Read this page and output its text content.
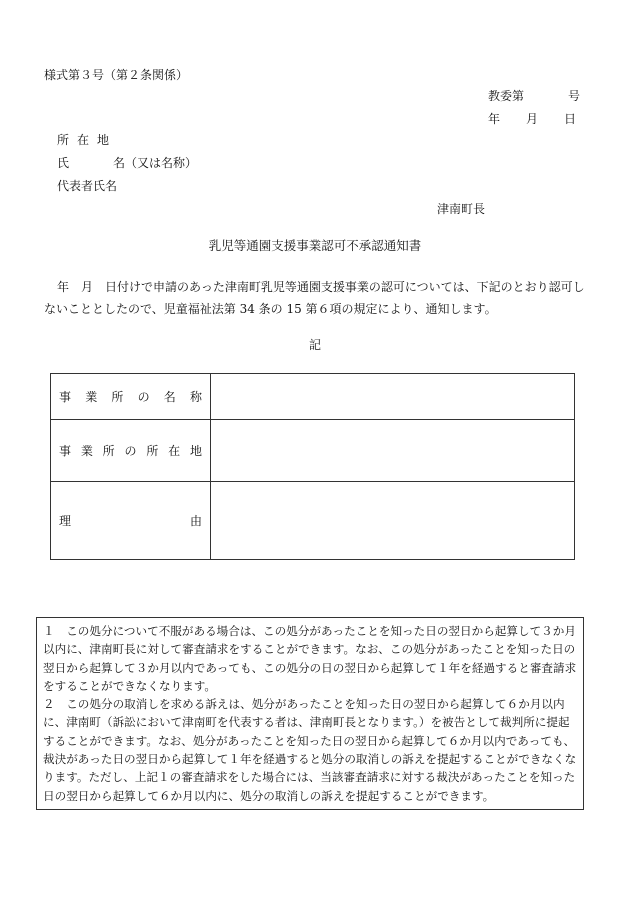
様式第３号（第２条関係）
教委第	号
年 月 日
所在地
氏	名（又は名称）
代表者氏名
津南町長
乳児等通園支援事業認可不承認通知書
年　月　日付けで申請のあった津南町乳児等通園支援事業の認可については、下記のとおり認可しないこととしたので、児童福祉法第 34 条の 15 第６項の規定により、通知します。
記
事業所の名称	
事業所の所在地	
理由	

１　この処分について不服がある場合は、この処分があったことを知った日の翌日から起算して３か月以内に、津南町長に対して審査請求をすることができます。なお、この処分があったことを知った日の翌日から起算して３か月以内であっても、この処分の日の翌日から起算して１年を経過すると審査請求をすることができなくなります。

２　この処分の取消しを求める訴えは、処分があったことを知った日の翌日から起算して６か月以内に、津南町（訴訟において津南町を代表する者は、津南町長となります。）を被告として裁判所に提起することができます。なお、処分があったことを知った日の翌日から起算して６か月以内であっても、裁決があった日の翌日から起算して１年を経過すると処分の取消しの訴えを提起することができなくなります。ただし、上記１の審査請求をした場合には、当該審査請求に対する裁決があったことを知った日の翌日から起算して６か月以内に、処分の取消しの訴えを提起することができます。
